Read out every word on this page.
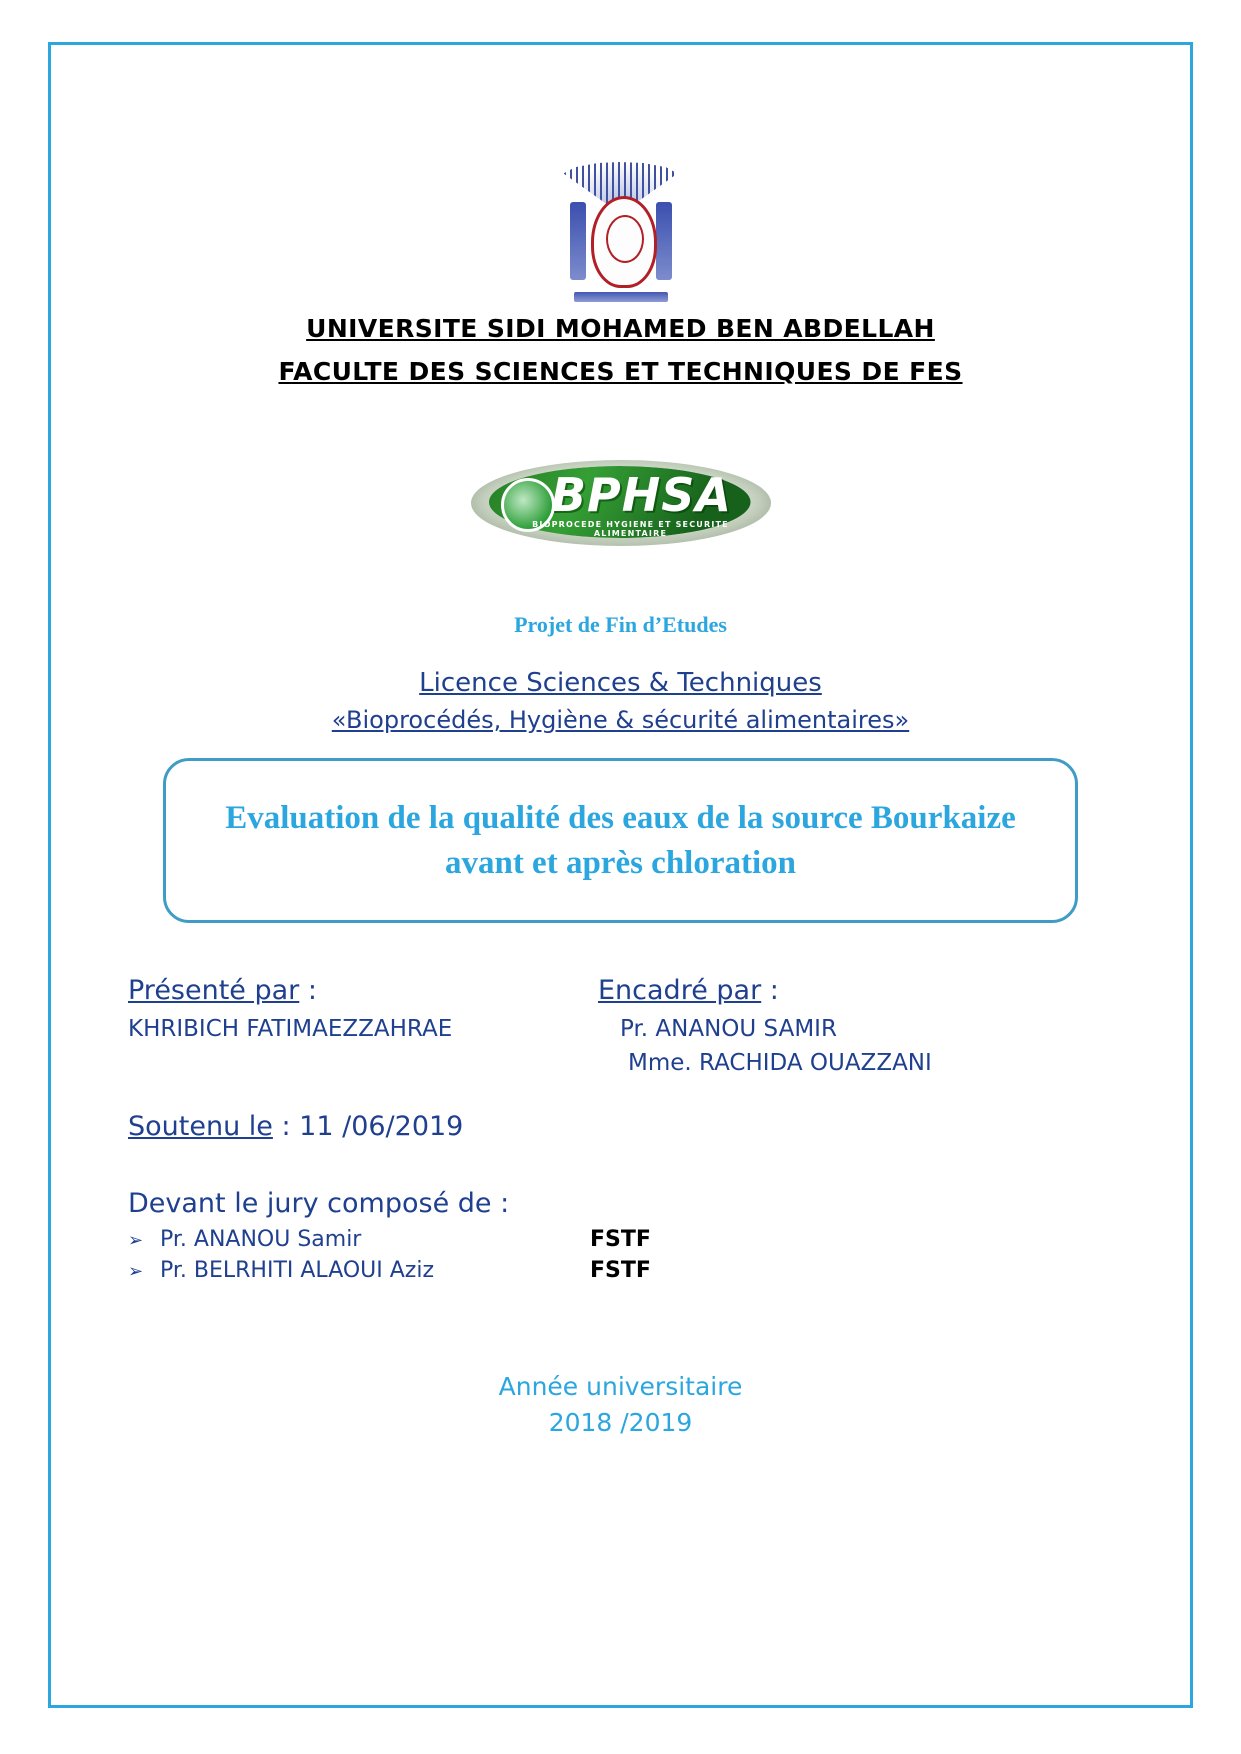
UNIVERSITE SIDI MOHAMED BEN ABDELLAH
FACULTE DES SCIENCES ET TECHNIQUES DE FES
BPHSA
BIOPROCEDE HYGIENE ET SECURITE ALIMENTAIRE
Projet de Fin d’Etudes
Licence Sciences & Techniques
«Bioprocédés, Hygiène & sécurité alimentaires»
Evaluation de la qualité des eaux de la source Bourkaize avant et après chloration
Présenté par :
KHRIBICH FATIMAEZZAHRAE
Encadré par :
Pr. ANANOU SAMIR
Mme. RACHIDA OUAZZANI
Soutenu le : 11 /06/2019
Devant le jury composé de :
➢ Pr. ANANOU Samir	FSTF
➢ Pr. BELRHITI ALAOUI Aziz	FSTF
Année universitaire
2018 /2019
